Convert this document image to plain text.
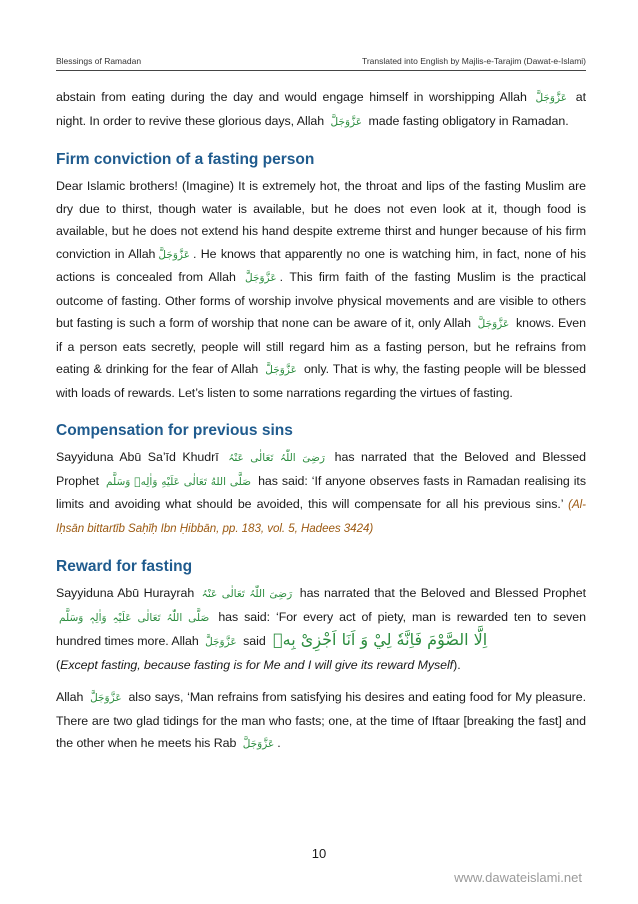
Blessings of Ramadan	Translated into English by Majlis-e-Tarajim (Dawat-e-Islami)

abstain from eating during the day and would engage himself in worshipping Allah عَزَّوَجَلَّ at night. In order to revive these glorious days, Allah عَزَّوَجَلَّ made fasting obligatory in Ramadan.

Firm conviction of a fasting person

Dear Islamic brothers! (Imagine) It is extremely hot, the throat and lips of the fasting Muslim are dry due to thirst, though water is available, but he does not even look at it, though food is available, but he does not extend his hand despite extreme thirst and hunger because of his firm conviction in Allah عَزَّوَجَلَّ . He knows that apparently no one is watching him, in fact, none of his actions is concealed from Allah عَزَّوَجَلَّ . This firm faith of the fasting Muslim is the practical outcome of fasting. Other forms of worship involve physical movements and are visible to others but fasting is such a form of worship that none can be aware of it, only Allah عَزَّوَجَلَّ knows. Even if a person eats secretly, people will still regard him as a fasting person, but he refrains from eating & drinking for the fear of Allah عَزَّوَجَلَّ only. That is why, the fasting people will be blessed with loads of rewards. Let’s listen to some narrations regarding the virtues of fasting.

Compensation for previous sins

Sayyiduna Abū Sa’īd Khudrī رَضِیَ اللّٰہُ تَعَالٰی عَنْہُ has narrated that the Beloved and Blessed Prophet صَلَّى اللهُ تَعَالٰی عَلَيْهِ وَاٰلِهٖ وَسَلَّم has said: ‘If anyone observes fasts in Ramadan realising its limits and avoiding what should be avoided, this will compensate for all his previous sins.’ (Al-Iḥsān bittartīb Saḥīḥ Ibn Ḥibbān, pp. 183, vol. 5, Hadees 3424)

Reward for fasting

Sayyiduna Abū Hurayrah رَضِیَ اللّٰہُ تَعَالٰی عَنْہُ has narrated that the Beloved and Blessed Prophet صَلَّی اللّٰہُ تَعَالٰی عَلَیْہِ وَاٰلِہٖ وَسَلَّم has said: ‘For every act of piety, man is rewarded ten to seven hundred times more. Allah عَزَّوَجَلَّ said اِلَّا الصَّوْمَ فَاِنَّهٗ لِيْ وَ اَنَا اَجْزِیْ بِهٖ
(Except fasting, because fasting is for Me and I will give its reward Myself).

Allah عَزَّوَجَلَّ also says, ‘Man refrains from satisfying his desires and eating food for My pleasure. There are two glad tidings for the man who fasts; one, at the time of Iftaar [breaking the fast] and the other when he meets his Rab عَزَّوَجَلَّ .

10
www.dawateislami.net
